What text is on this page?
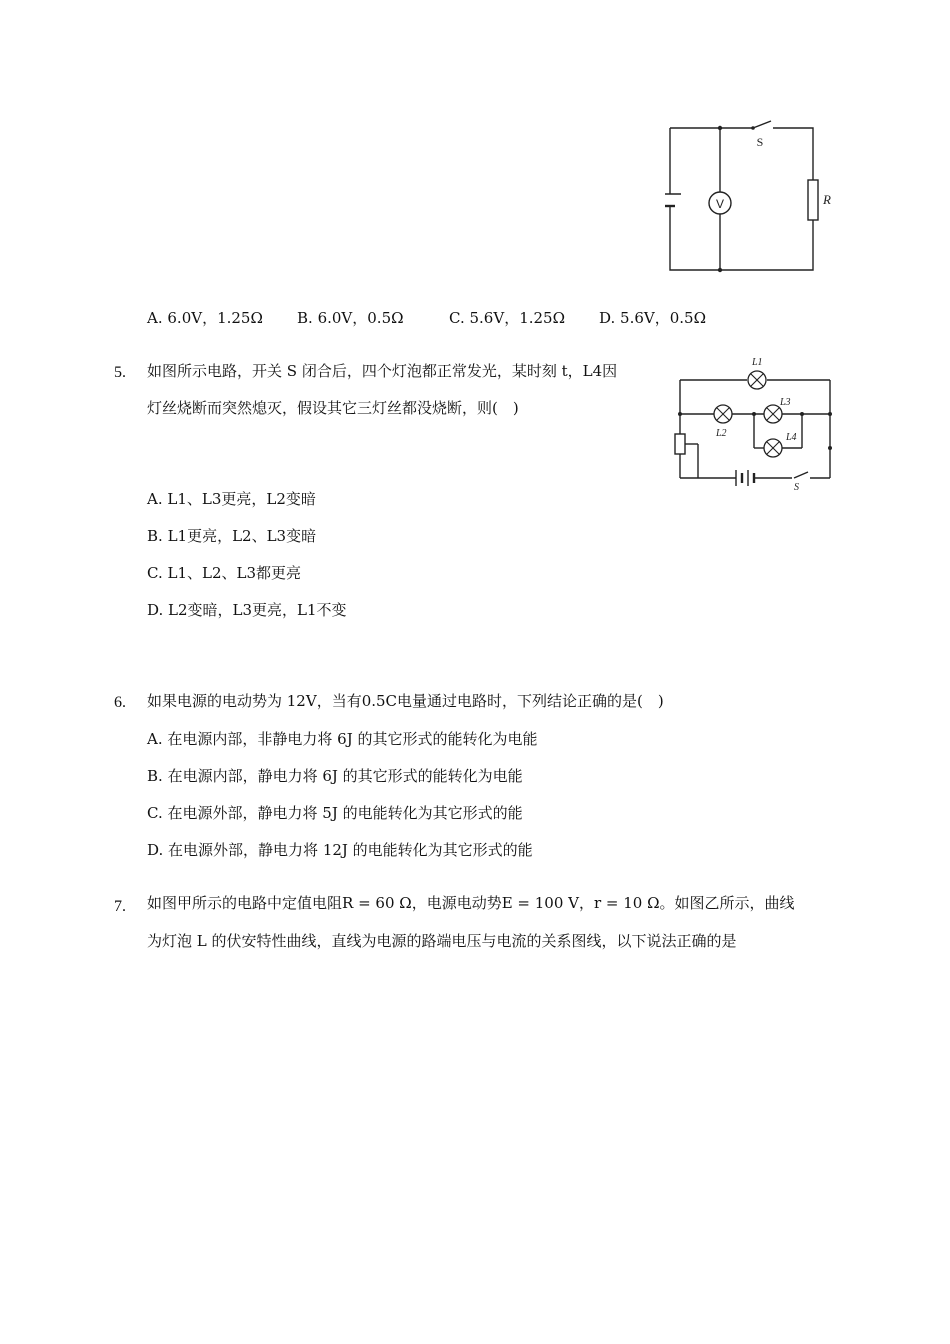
V
S
R
A. 6.0V，1.25Ω B. 6.0V，0.5Ω	C. 5.6V，1.25Ω D. 5.6V，0.5Ω
5. 如图所示电路，开关 S 闭合后，四个灯泡都正常发光，某时刻 t，L4因
灯丝烧断而突然熄灭，假设其它三灯丝都没烧断，则(　)
L1
L2
L3
L4
S
A. L1、L3更亮，L2变暗
B. L1更亮，L2、L3变暗
C. L1、L2、L3都更亮
D. L2变暗，L3更亮，L1不变
6. 如果电源的电动势为 12V，当有0.5C电量通过电路时，下列结论正确的是(　)
A. 在电源内部，非静电力将 6J 的其它形式的能转化为电能
B. 在电源内部，静电力将 6J 的其它形式的能转化为电能
C. 在电源外部，静电力将 5J 的电能转化为其它形式的能
D. 在电源外部，静电力将 12J 的电能转化为其它形式的能
7. 如图甲所示的电路中定值电阻R = 60 Ω，电源电动势E = 100 V，r = 10 Ω。如图乙所示，曲线
为灯泡 L 的伏安特性曲线，直线为电源的路端电压与电流的关系图线，以下说法正确的是
